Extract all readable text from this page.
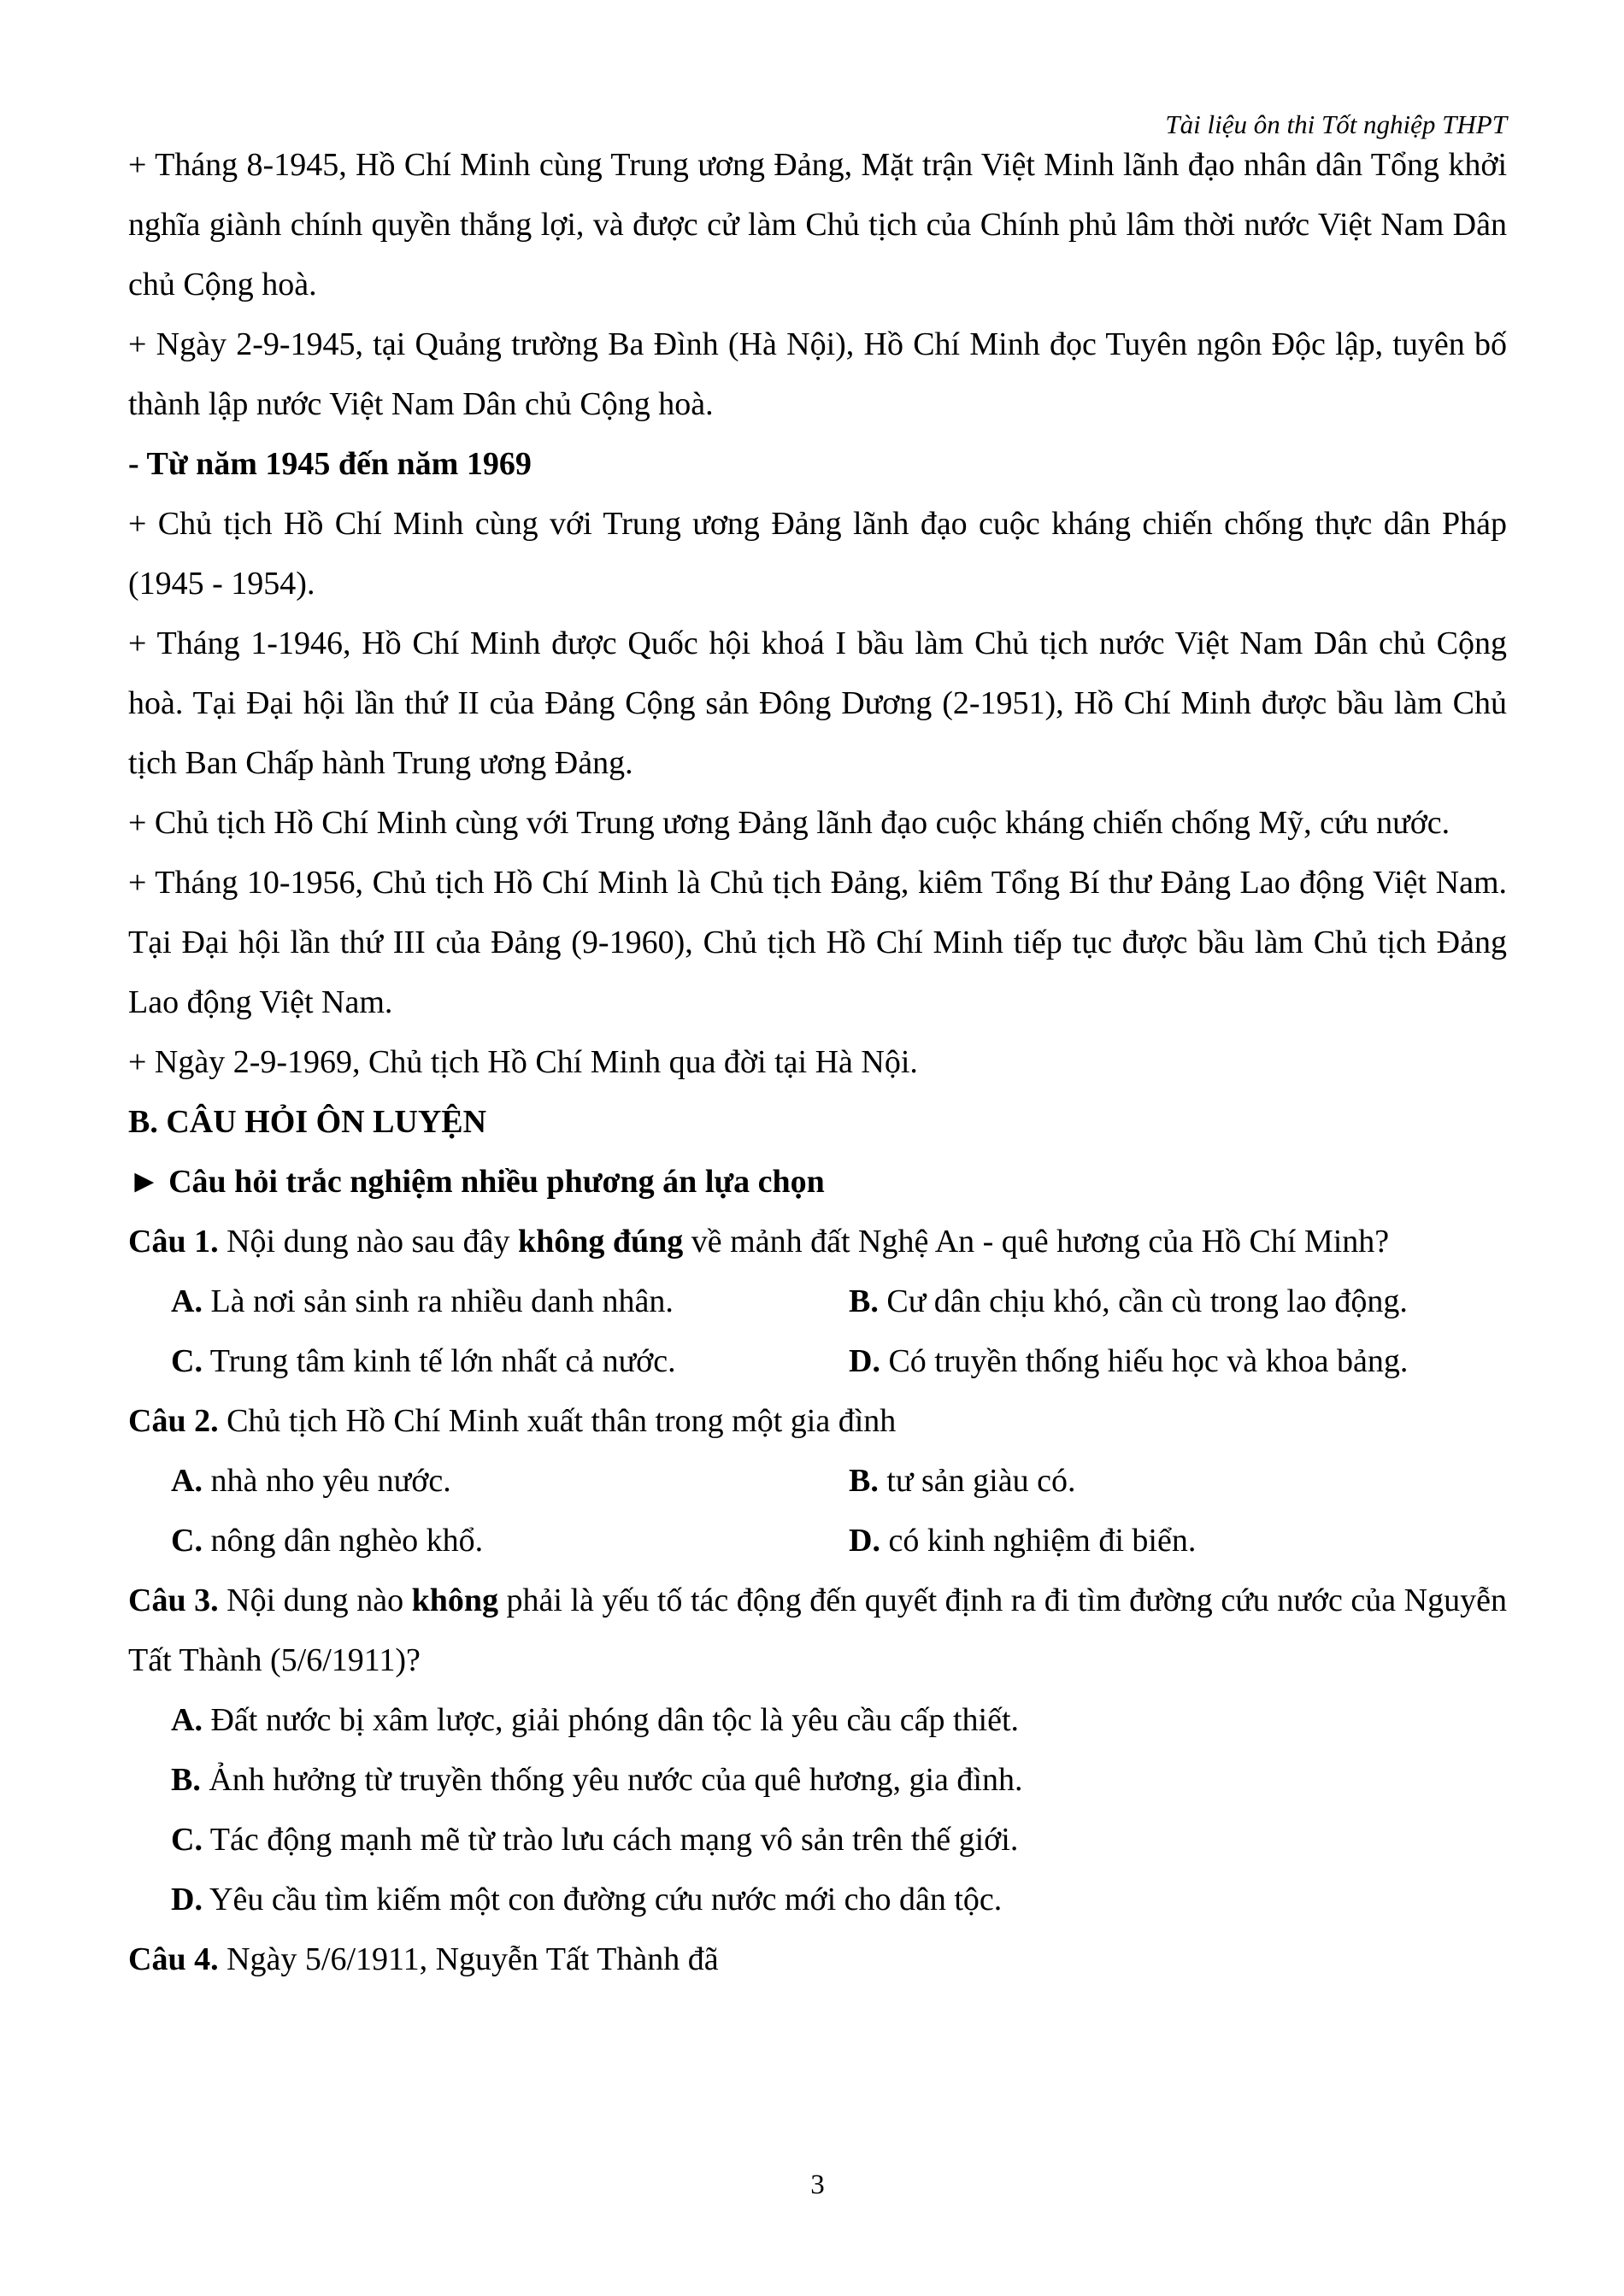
Tài liệu ôn thi Tốt nghiệp THPT

+ Tháng 8-1945, Hồ Chí Minh cùng Trung ương Đảng, Mặt trận Việt Minh lãnh đạo nhân dân Tổng khởi nghĩa giành chính quyền thắng lợi, và được cử làm Chủ tịch của Chính phủ lâm thời nước Việt Nam Dân chủ Cộng hoà.

+ Ngày 2-9-1945, tại Quảng trường Ba Đình (Hà Nội), Hồ Chí Minh đọc Tuyên ngôn Độc lập, tuyên bố thành lập nước Việt Nam Dân chủ Cộng hoà.

- Từ năm 1945 đến năm 1969

+ Chủ tịch Hồ Chí Minh cùng với Trung ương Đảng lãnh đạo cuộc kháng chiến chống thực dân Pháp (1945 - 1954).

+ Tháng 1-1946, Hồ Chí Minh được Quốc hội khoá I bầu làm Chủ tịch nước Việt Nam Dân chủ Cộng hoà. Tại Đại hội lần thứ II của Đảng Cộng sản Đông Dương (2-1951), Hồ Chí Minh được bầu làm Chủ tịch Ban Chấp hành Trung ương Đảng.

+ Chủ tịch Hồ Chí Minh cùng với Trung ương Đảng lãnh đạo cuộc kháng chiến chống Mỹ, cứu nước.

+ Tháng 10-1956, Chủ tịch Hồ Chí Minh là Chủ tịch Đảng, kiêm Tổng Bí thư Đảng Lao động Việt Nam. Tại Đại hội lần thứ III của Đảng (9-1960), Chủ tịch Hồ Chí Minh tiếp tục được bầu làm Chủ tịch Đảng Lao động Việt Nam.

+ Ngày 2-9-1969, Chủ tịch Hồ Chí Minh qua đời tại Hà Nội.

B. CÂU HỎI ÔN LUYỆN

► Câu hỏi trắc nghiệm nhiều phương án lựa chọn

Câu 1. Nội dung nào sau đây không đúng về mảnh đất Nghệ An - quê hương của Hồ Chí Minh?

A. Là nơi sản sinh ra nhiều danh nhân.	B. Cư dân chịu khó, cần cù trong lao động.
C. Trung tâm kinh tế lớn nhất cả nước.	D. Có truyền thống hiếu học và khoa bảng.

Câu 2. Chủ tịch Hồ Chí Minh xuất thân trong một gia đình

A. nhà nho yêu nước.	B. tư sản giàu có.
C. nông dân nghèo khổ.	D. có kinh nghiệm đi biển.

Câu 3. Nội dung nào không phải là yếu tố tác động đến quyết định ra đi tìm đường cứu nước của Nguyễn Tất Thành (5/6/1911)?

A. Đất nước bị xâm lược, giải phóng dân tộc là yêu cầu cấp thiết.
B. Ảnh hưởng từ truyền thống yêu nước của quê hương, gia đình.
C. Tác động mạnh mẽ từ trào lưu cách mạng vô sản trên thế giới.
D. Yêu cầu tìm kiếm một con đường cứu nước mới cho dân tộc.

Câu 4. Ngày 5/6/1911, Nguyễn Tất Thành đã

3
